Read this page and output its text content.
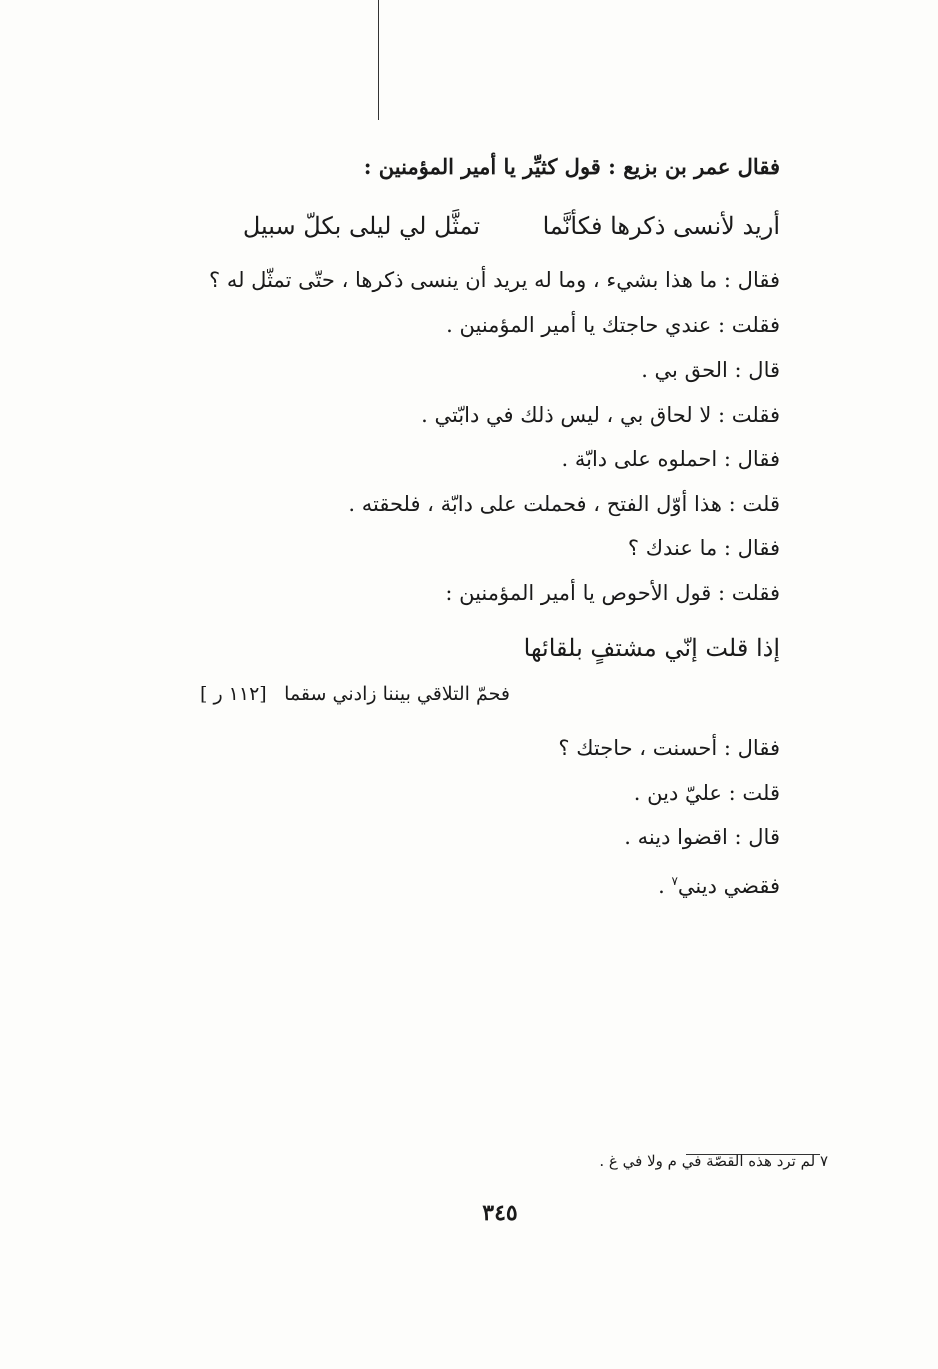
فقال عمر بن بزيع : قول كثيِّر يا أمير المؤمنين :
أريد لأنسى ذكرها فكأنَّما
تمثَّل لي ليلى بكلّ سبيل
فقال : ما هذا بشيء ، وما له يريد أن ينسى ذكرها ، حتّى تمثّل له ؟
فقلت : عندي حاجتك يا أمير المؤمنين .
قال : الحق بي .
فقلت : لا لحاق بي ، ليس ذلك في دابّتي .
فقال : احملوه على دابّة .
قلت : هذا أوّل الفتح ، فحملت على دابّة ، فلحقته .
فقال : ما عندك ؟
فقلت : قول الأحوص يا أمير المؤمنين :
إذا قلت إنّي مشتفٍ بلقائها
فحمّ التلاقي بيننا زادني سقما
[ ١١٢ ر]
فقال : أحسنت ، حاجتك ؟
قلت : عليّ دين .
قال : اقضوا دينه .
فقضي ديني$^٧$ .
٧ لم ترد هذه القصّة في م ولا في غ .
٣٤٥
